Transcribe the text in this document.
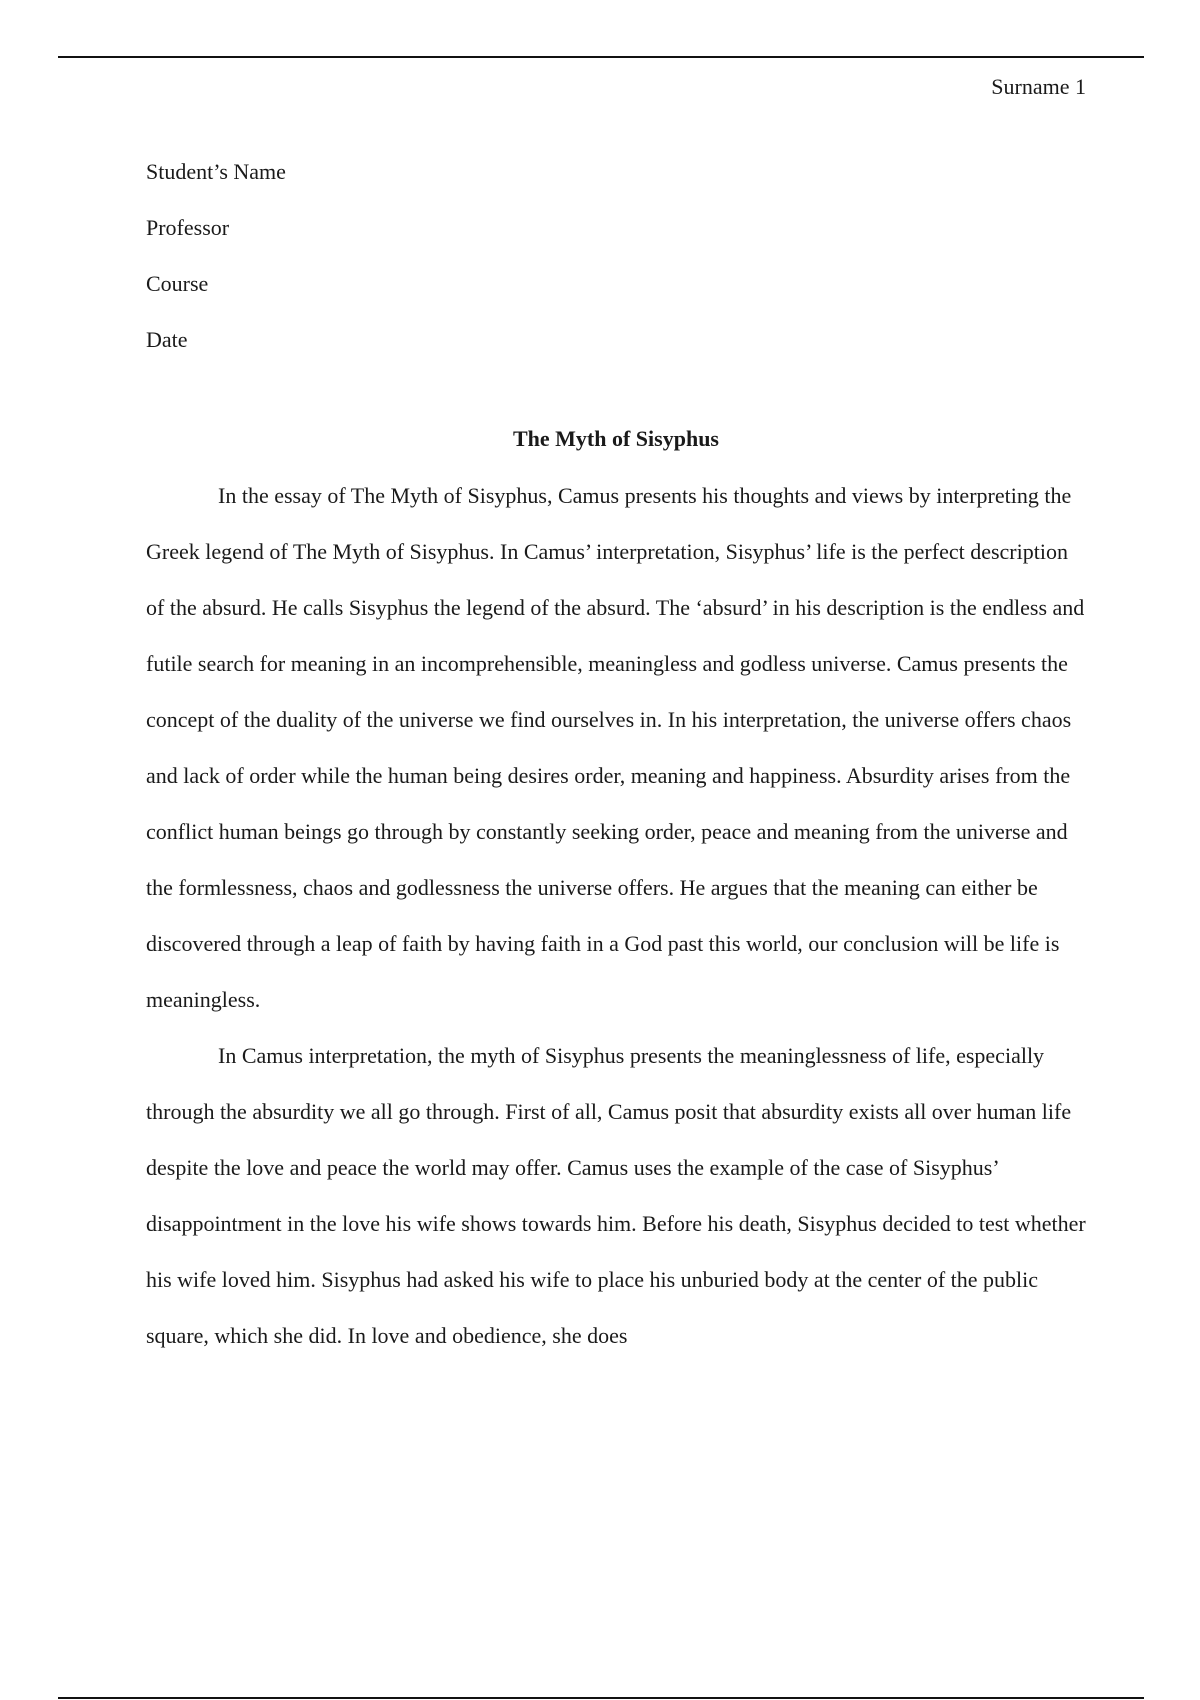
Surname 1

Student’s Name

Professor

Course

Date

The Myth of Sisyphus

In the essay of The Myth of Sisyphus, Camus presents his thoughts and views by interpreting the Greek legend of The Myth of Sisyphus. In Camus’ interpretation, Sisyphus’ life is the perfect description of the absurd. He calls Sisyphus the legend of the absurd. The ‘absurd’ in his description is the endless and futile search for meaning in an incomprehensible, meaningless and godless universe. Camus presents the concept of the duality of the universe we find ourselves in. In his interpretation, the universe offers chaos and lack of order while the human being desires order, meaning and happiness. Absurdity arises from the conflict human beings go through by constantly seeking order, peace and meaning from the universe and the formlessness, chaos and godlessness the universe offers. He argues that the meaning can either be discovered through a leap of faith by having faith in a God past this world, our conclusion will be life is meaningless.

In Camus interpretation, the myth of Sisyphus presents the meaninglessness of life, especially through the absurdity we all go through. First of all, Camus posit that absurdity exists all over human life despite the love and peace the world may offer. Camus uses the example of the case of Sisyphus’ disappointment in the love his wife shows towards him. Before his death, Sisyphus decided to test whether his wife loved him. Sisyphus had asked his wife to place his unburied body at the center of the public square, which she did. In love and obedience, she does
